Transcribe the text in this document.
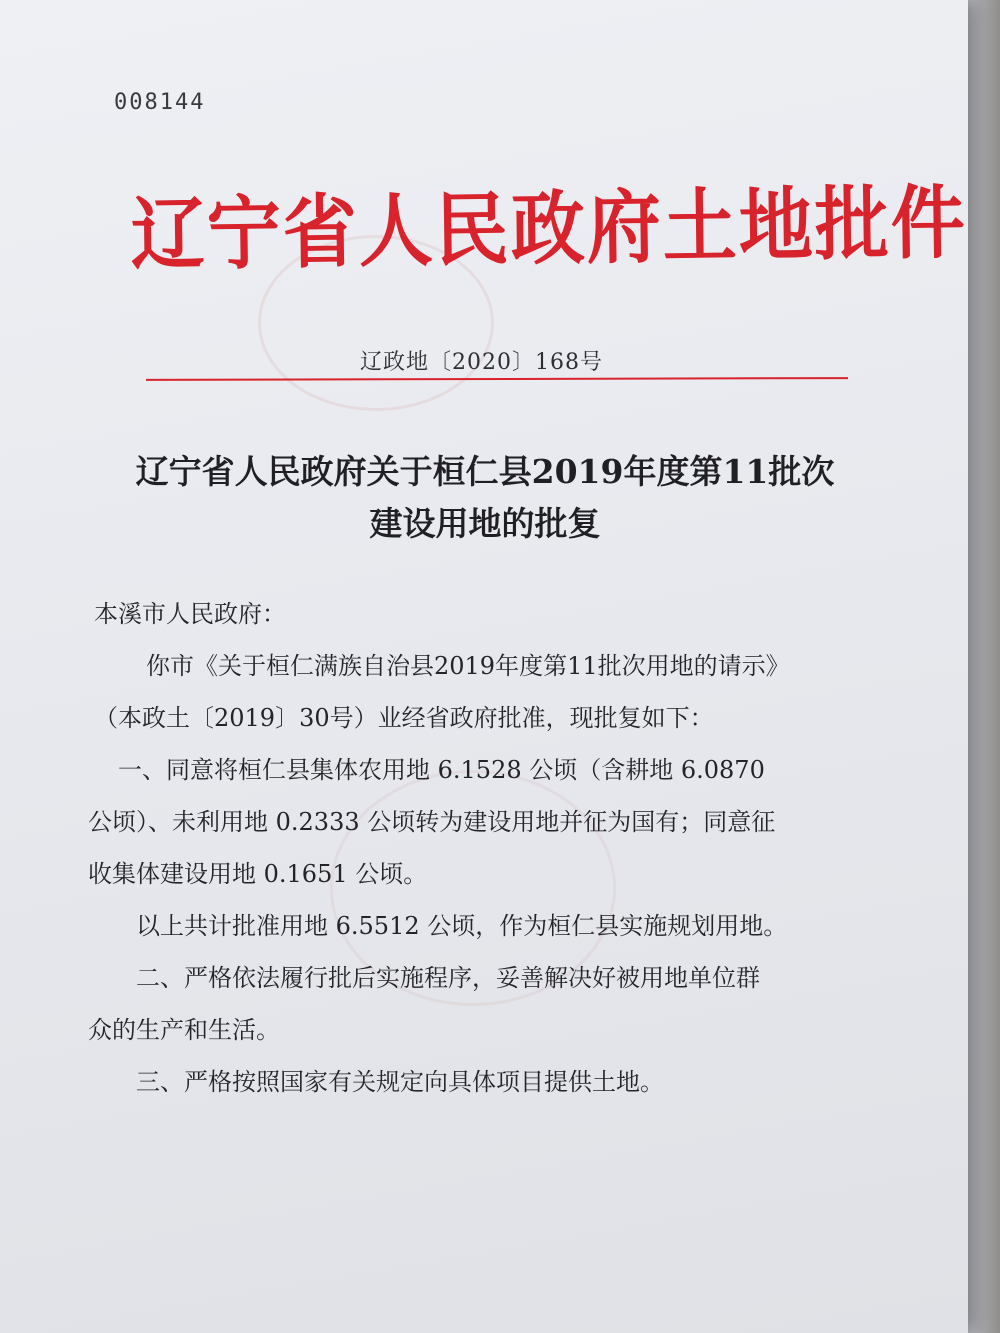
008144
辽宁省人民政府土地批件
辽政地〔2020〕168号
辽宁省人民政府关于桓仁县2019年度第11批次
建设用地的批复
本溪市人民政府：
你市《关于桓仁满族自治县2019年度第11批次用地的请示》
（本政土〔2019〕30号）业经省政府批准，现批复如下：
一、同意将桓仁县集体农用地 6.1528 公顷（含耕地 6.0870
公顷）、未利用地 0.2333 公顷转为建设用地并征为国有；同意征
收集体建设用地 0.1651 公顷。
以上共计批准用地 6.5512 公顷，作为桓仁县实施规划用地。
二、严格依法履行批后实施程序，妥善解决好被用地单位群
众的生产和生活。
三、严格按照国家有关规定向具体项目提供土地。
